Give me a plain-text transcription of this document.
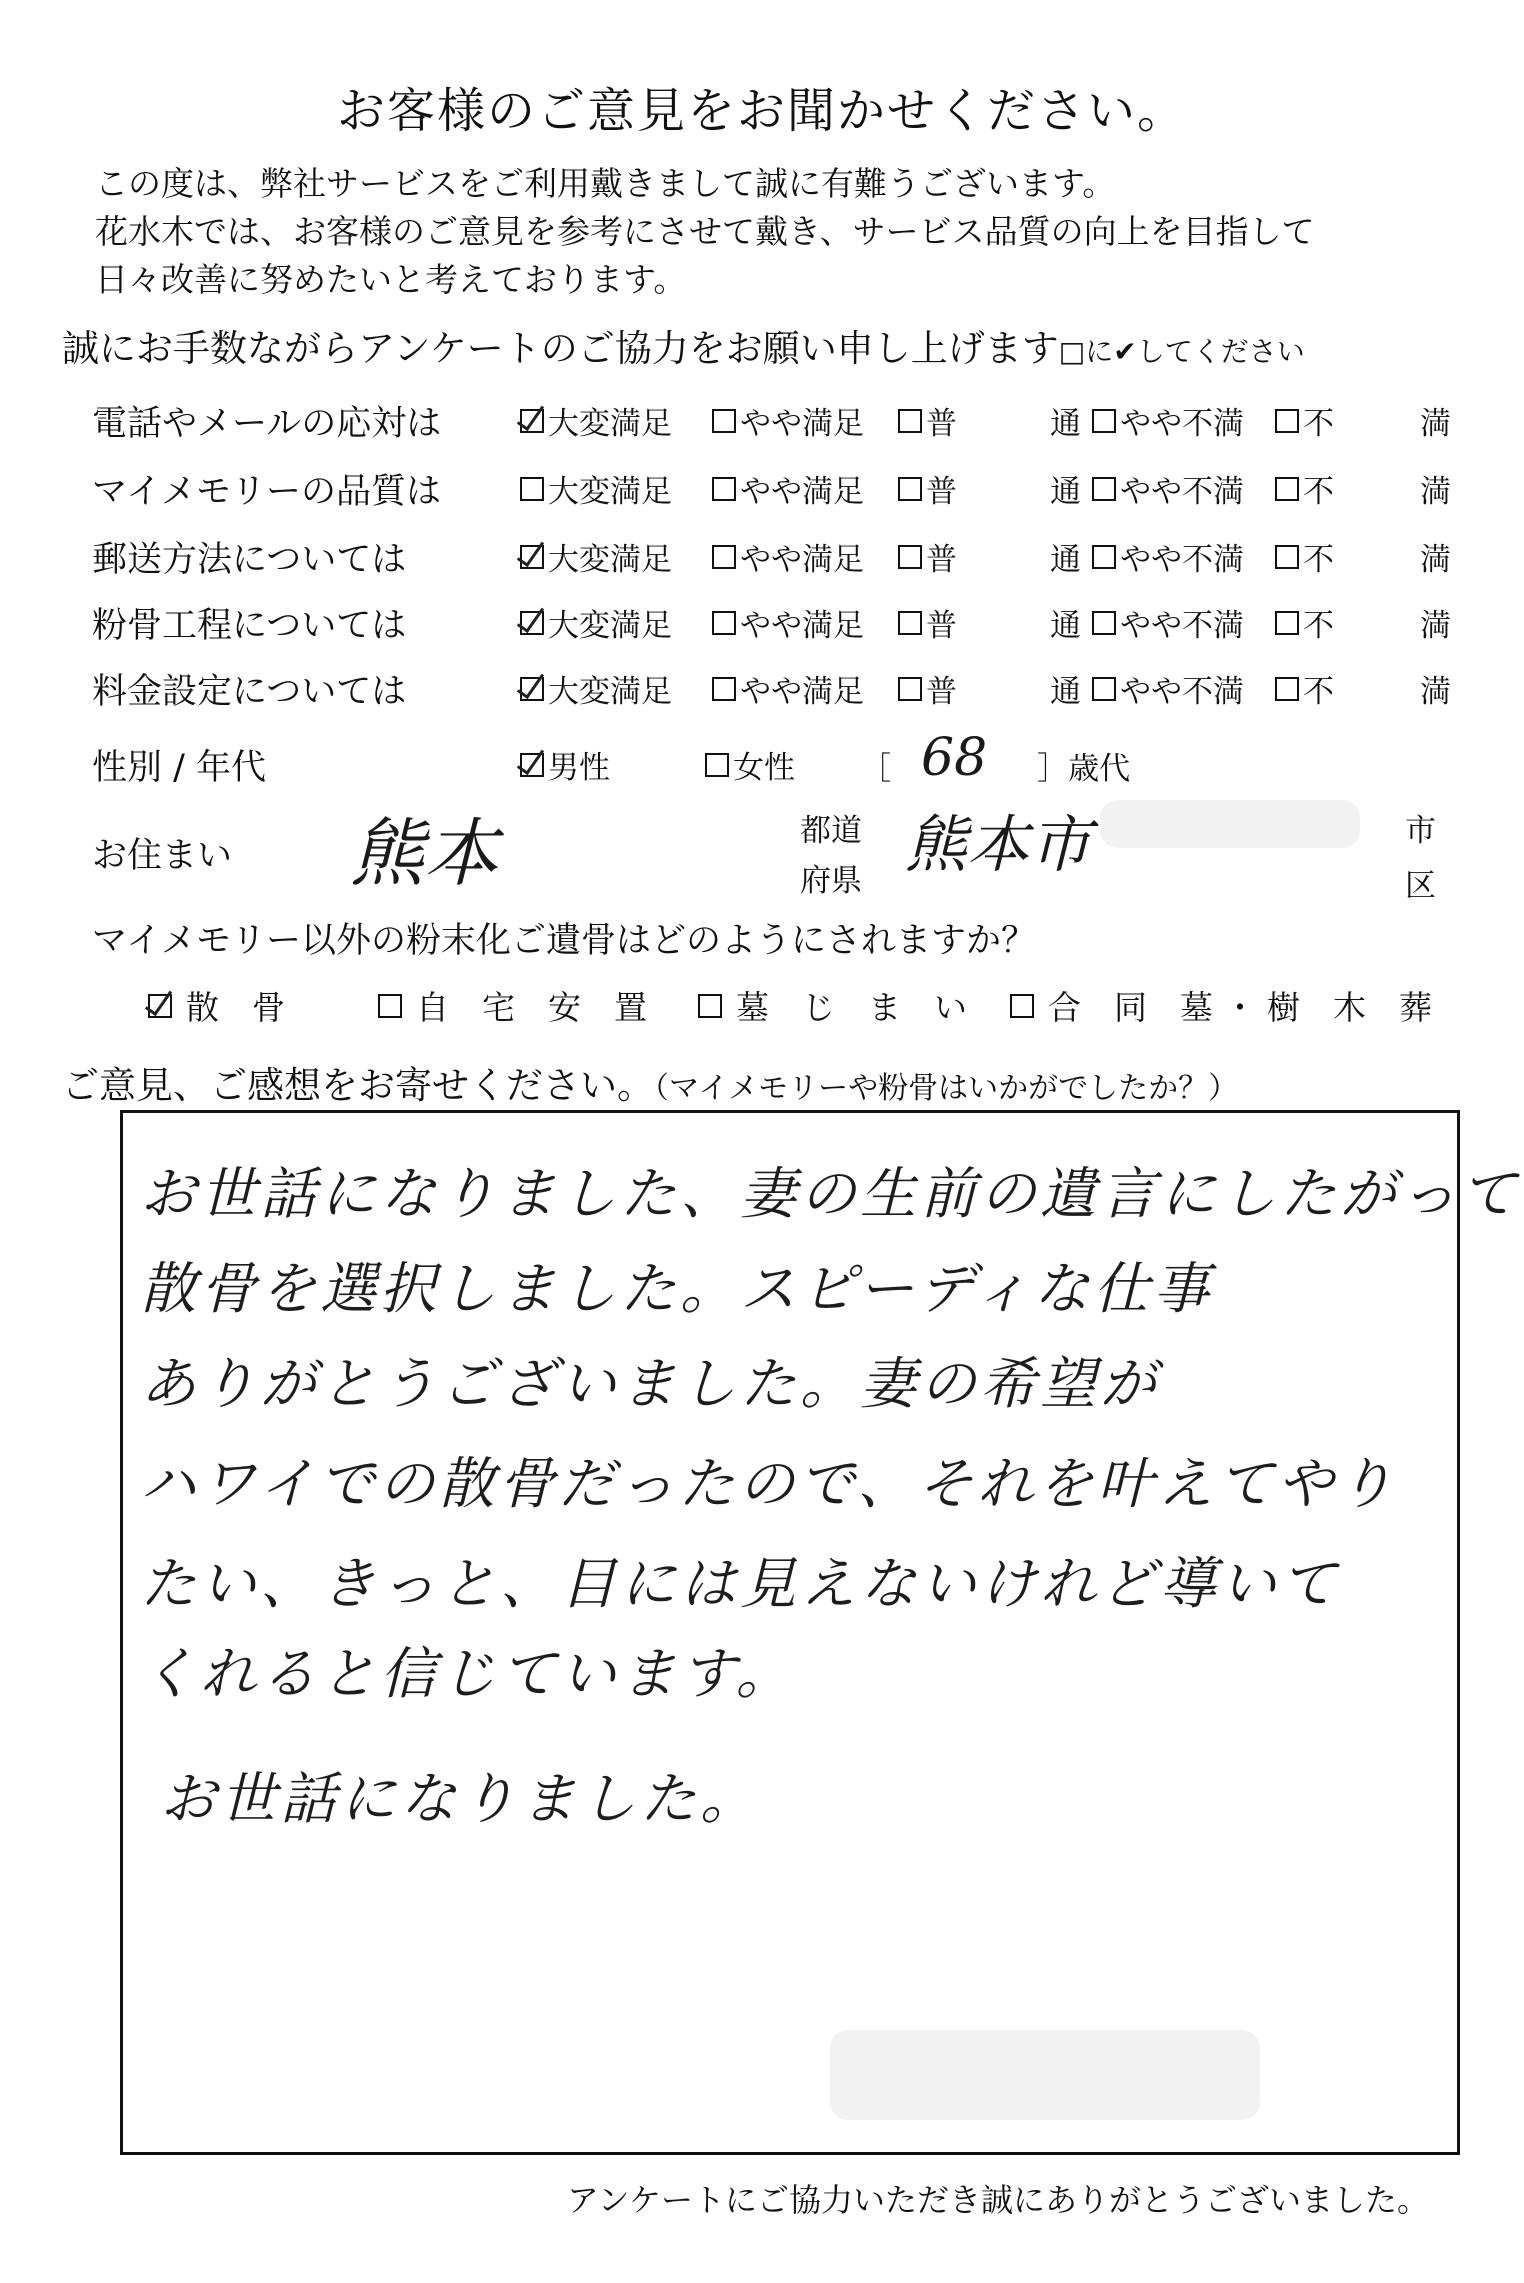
お客様のご意見をお聞かせください。
この度は、弊社サービスをご利用戴きまして誠に有難うございます。
花水木では、お客様のご意見を参考にさせて戴き、サービス品質の向上を目指して
日々改善に努めたいと考えております。
誠にお手数ながらアンケートのご協力をお願い申し上げます□に✔してください
電話やメールの応対は	大変満足 やや満足 普	通 やや不満 不	満
マイメモリーの品質は	大変満足 やや満足 普	通 やや不満 不	満
郵送方法については	大変満足 やや満足 普	通 やや不満 不	満
粉骨工程については	大変満足 やや満足 普	通 やや不満 不	満
料金設定については	大変満足 やや満足 普	通 やや不満 不	満
性別 / 年代	男性	女性 ［ 68 ］歳代
お住まい 熊本	都道
府県 熊本市	市
区
マイメモリー以外の粉末化ご遺骨はどのようにされますか？
散　骨	自　宅　安　置	墓　じ　ま　い 合　同　墓 ・ 樹　木　葬
ご意見、ご感想をお寄せください。（マイメモリーや粉骨はいかがでしたか？）
お世話になりました、妻の生前の遺言にしたがって
散骨を選択しました。スピーディな仕事
ありがとうございました。妻の希望が
ハワイでの散骨だったので、それを叶えてやり
たい、きっと、目には見えないけれど導いて
くれると信じています。
お世話になりました。
アンケートにご協力いただき誠にありがとうございました。
